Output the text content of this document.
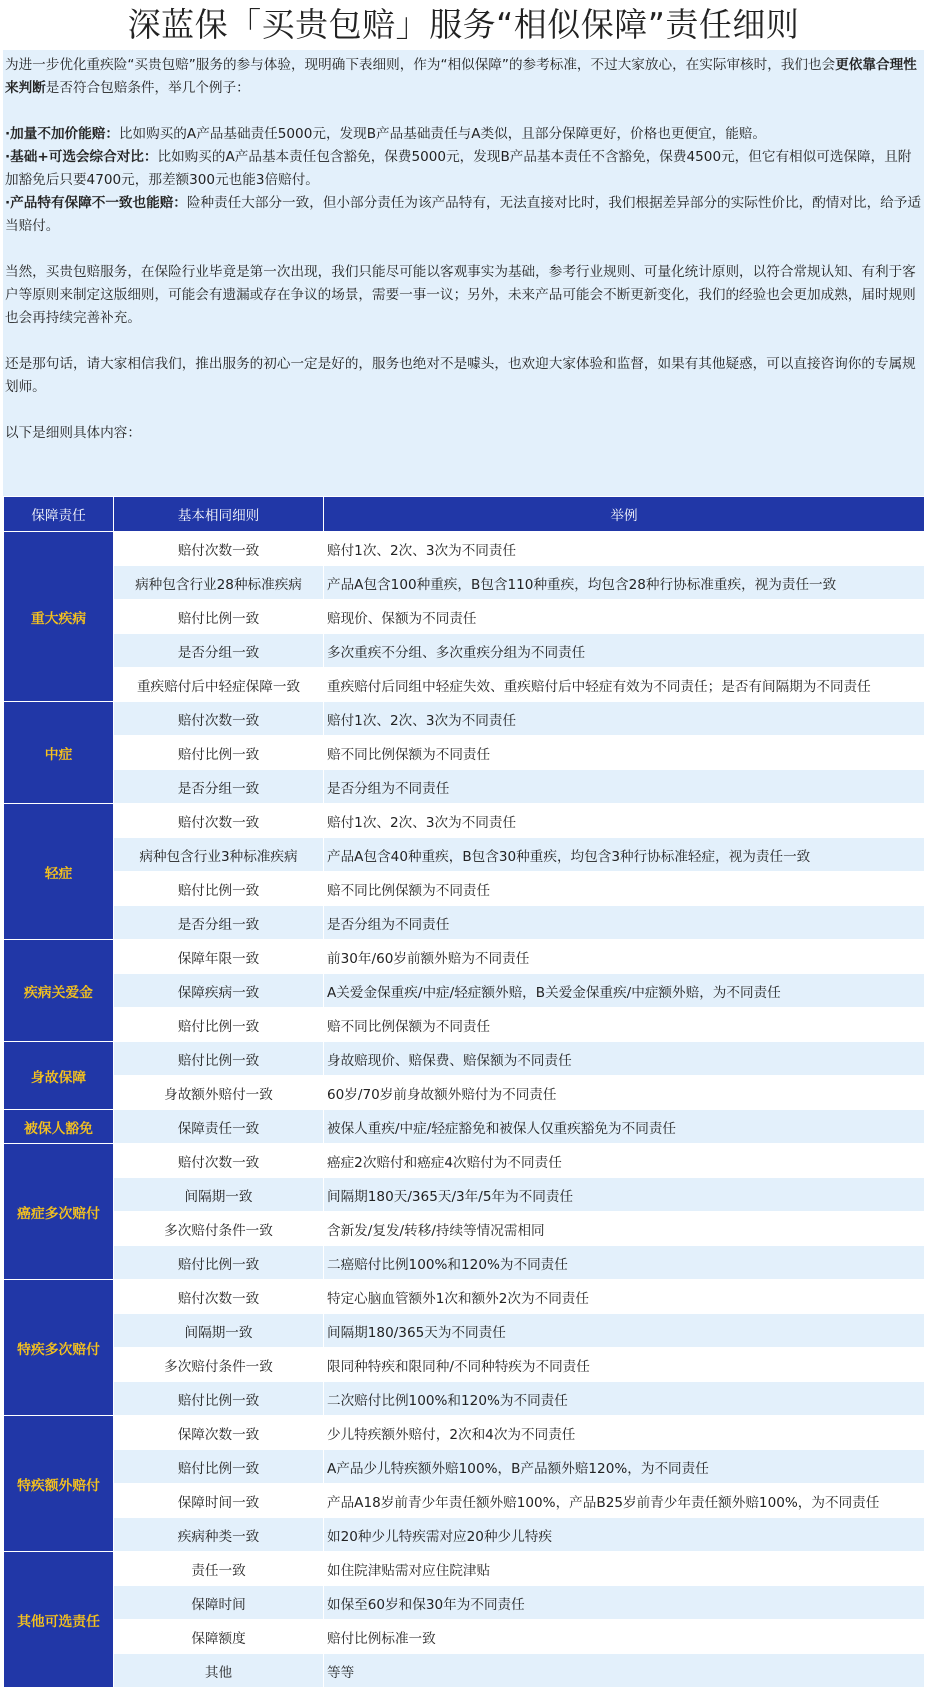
深蓝保「买贵包赔」服务“相似保障”责任细则

为进一步优化重疾险“买贵包赔”服务的参与体验，现明确下表细则，作为“相似保障”的参考标准，不过大家放心，在实际审核时，我们也会更依靠合理性来判断是否符合包赔条件，举几个例子：

·加量不加价能赔：比如购买的A产品基础责任5000元，发现B产品基础责任与A类似，且部分保障更好，价格也更便宜，能赔。

·基础+可选会综合对比：比如购买的A产品基本责任包含豁免，保费5000元，发现B产品基本责任不含豁免，保费4500元，但它有相似可选保障，且附加豁免后只要4700元，那差额300元也能3倍赔付。

·产品特有保障不一致也能赔：险种责任大部分一致，但小部分责任为该产品特有，无法直接对比时，我们根据差异部分的实际性价比，酌情对比，给予适当赔付。

当然，买贵包赔服务，在保险行业毕竟是第一次出现，我们只能尽可能以客观事实为基础，参考行业规则、可量化统计原则，以符合常规认知、有利于客户等原则来制定这版细则，可能会有遗漏或存在争议的场景，需要一事一议；另外，未来产品可能会不断更新变化，我们的经验也会更加成熟，届时规则也会再持续完善补充。

还是那句话，请大家相信我们，推出服务的初心一定是好的，服务也绝对不是噱头，也欢迎大家体验和监督，如果有其他疑惑，可以直接咨询你的专属规划师。

以下是细则具体内容：

保障责任	基本相同细则	举例
重大疾病	赔付次数一致	赔付1次、2次、3次为不同责任
	病种包含行业28种标准疾病	产品A包含100种重疾，B包含110种重疾，均包含28种行协标准重疾，视为责任一致
	赔付比例一致	赔现价、保额为不同责任
	是否分组一致	多次重疾不分组、多次重疾分组为不同责任
	重疾赔付后中轻症保障一致	重疾赔付后同组中轻症失效、重疾赔付后中轻症有效为不同责任；是否有间隔期为不同责任
中症	赔付次数一致	赔付1次、2次、3次为不同责任
	赔付比例一致	赔不同比例保额为不同责任
	是否分组一致	是否分组为不同责任
轻症	赔付次数一致	赔付1次、2次、3次为不同责任
	病种包含行业3种标准疾病	产品A包含40种重疾，B包含30种重疾，均包含3种行协标准轻症，视为责任一致
	赔付比例一致	赔不同比例保额为不同责任
	是否分组一致	是否分组为不同责任
疾病关爱金	保障年限一致	前30年/60岁前额外赔为不同责任
	保障疾病一致	A关爱金保重疾/中症/轻症额外赔，B关爱金保重疾/中症额外赔，为不同责任
	赔付比例一致	赔不同比例保额为不同责任
身故保障	赔付比例一致	身故赔现价、赔保费、赔保额为不同责任
	身故额外赔付一致	60岁/70岁前身故额外赔付为不同责任
被保人豁免	保障责任一致	被保人重疾/中症/轻症豁免和被保人仅重疾豁免为不同责任
癌症多次赔付	赔付次数一致	癌症2次赔付和癌症4次赔付为不同责任
	间隔期一致	间隔期180天/365天/3年/5年为不同责任
	多次赔付条件一致	含新发/复发/转移/持续等情况需相同
	赔付比例一致	二癌赔付比例100%和120%为不同责任
特疾多次赔付	赔付次数一致	特定心脑血管额外1次和额外2次为不同责任
	间隔期一致	间隔期180/365天为不同责任
	多次赔付条件一致	限同种特疾和限同种/不同种特疾为不同责任
	赔付比例一致	二次赔付比例100%和120%为不同责任
特疾额外赔付	保障次数一致	少儿特疾额外赔付，2次和4次为不同责任
	赔付比例一致	A产品少儿特疾额外赔100%，B产品额外赔120%，为不同责任
	保障时间一致	产品A18岁前青少年责任额外赔100%，产品B25岁前青少年责任额外赔100%，为不同责任
	疾病种类一致	如20种少儿特疾需对应20种少儿特疾
其他可选责任	责任一致	如住院津贴需对应住院津贴
	保障时间	如保至60岁和保30年为不同责任
	保障额度	赔付比例标准一致
	其他	等等
